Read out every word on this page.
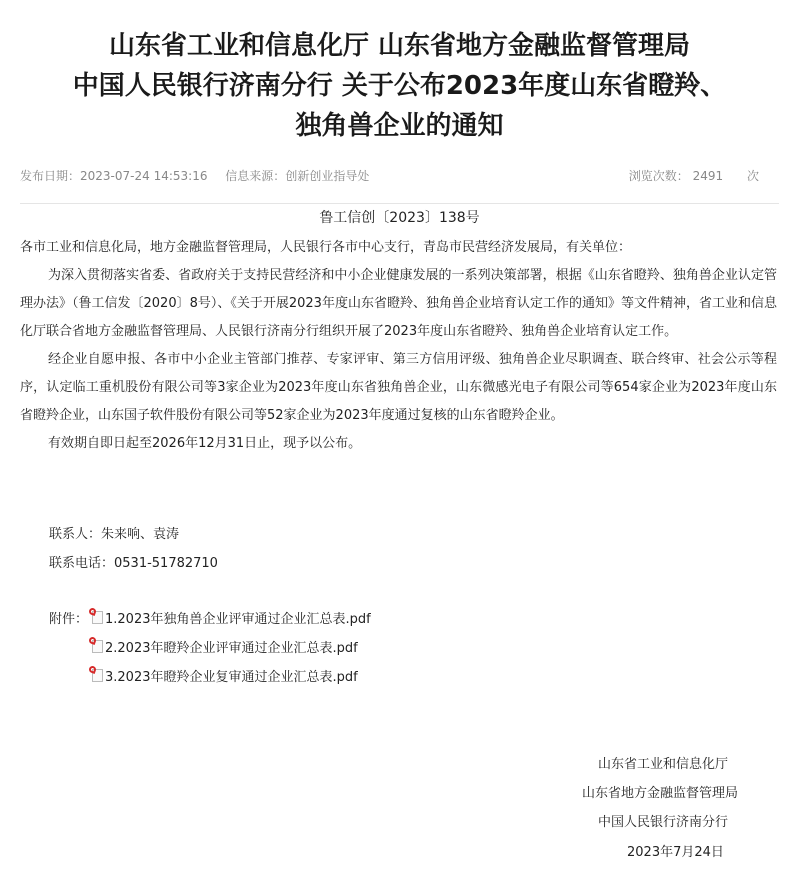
山东省工业和信息化厅 山东省地方金融监督管理局
中国人民银行济南分行 关于公布2023年度山东省瞪羚、
独角兽企业的通知
发布日期：2023-07-24 14:53:16 信息来源：创新创业指导处	浏览次数： 2491 次
鲁工信创〔2023〕138号

各市工业和信息化局，地方金融监督管理局，人民银行各市中心支行，青岛市民营经济发展局，有关单位：

为深入贯彻落实省委、省政府关于支持民营经济和中小企业健康发展的一系列决策部署，根据《山东省瞪羚、独角兽企业认定管理办法》（鲁工信发〔2020〕8号）、《关于开展2023年度山东省瞪羚、独角兽企业培育认定工作的通知》等文件精神，省工业和信息化厅联合省地方金融监督管理局、人民银行济南分行组织开展了2023年度山东省瞪羚、独角兽企业培育认定工作。

经企业自愿申报、各市中小企业主管部门推荐、专家评审、第三方信用评级、独角兽企业尽职调查、联合终审、社会公示等程序，认定临工重机股份有限公司等3家企业为2023年度山东省独角兽企业，山东微感光电子有限公司等654家企业为2023年度山东省瞪羚企业，山东国子软件股份有限公司等52家企业为2023年度通过复核的山东省瞪羚企业。

有效期自即日起至2026年12月31日止，现予以公布。

联系人：朱来响、袁涛
联系电话：0531-51782710
附件：	1.2023年独角兽企业评审通过企业汇总表.pdf
2.2023年瞪羚企业评审通过企业汇总表.pdf
3.2023年瞪羚企业复审通过企业汇总表.pdf
山东省工业和信息化厅
山东省地方金融监督管理局
中国人民银行济南分行
2023年7月24日
